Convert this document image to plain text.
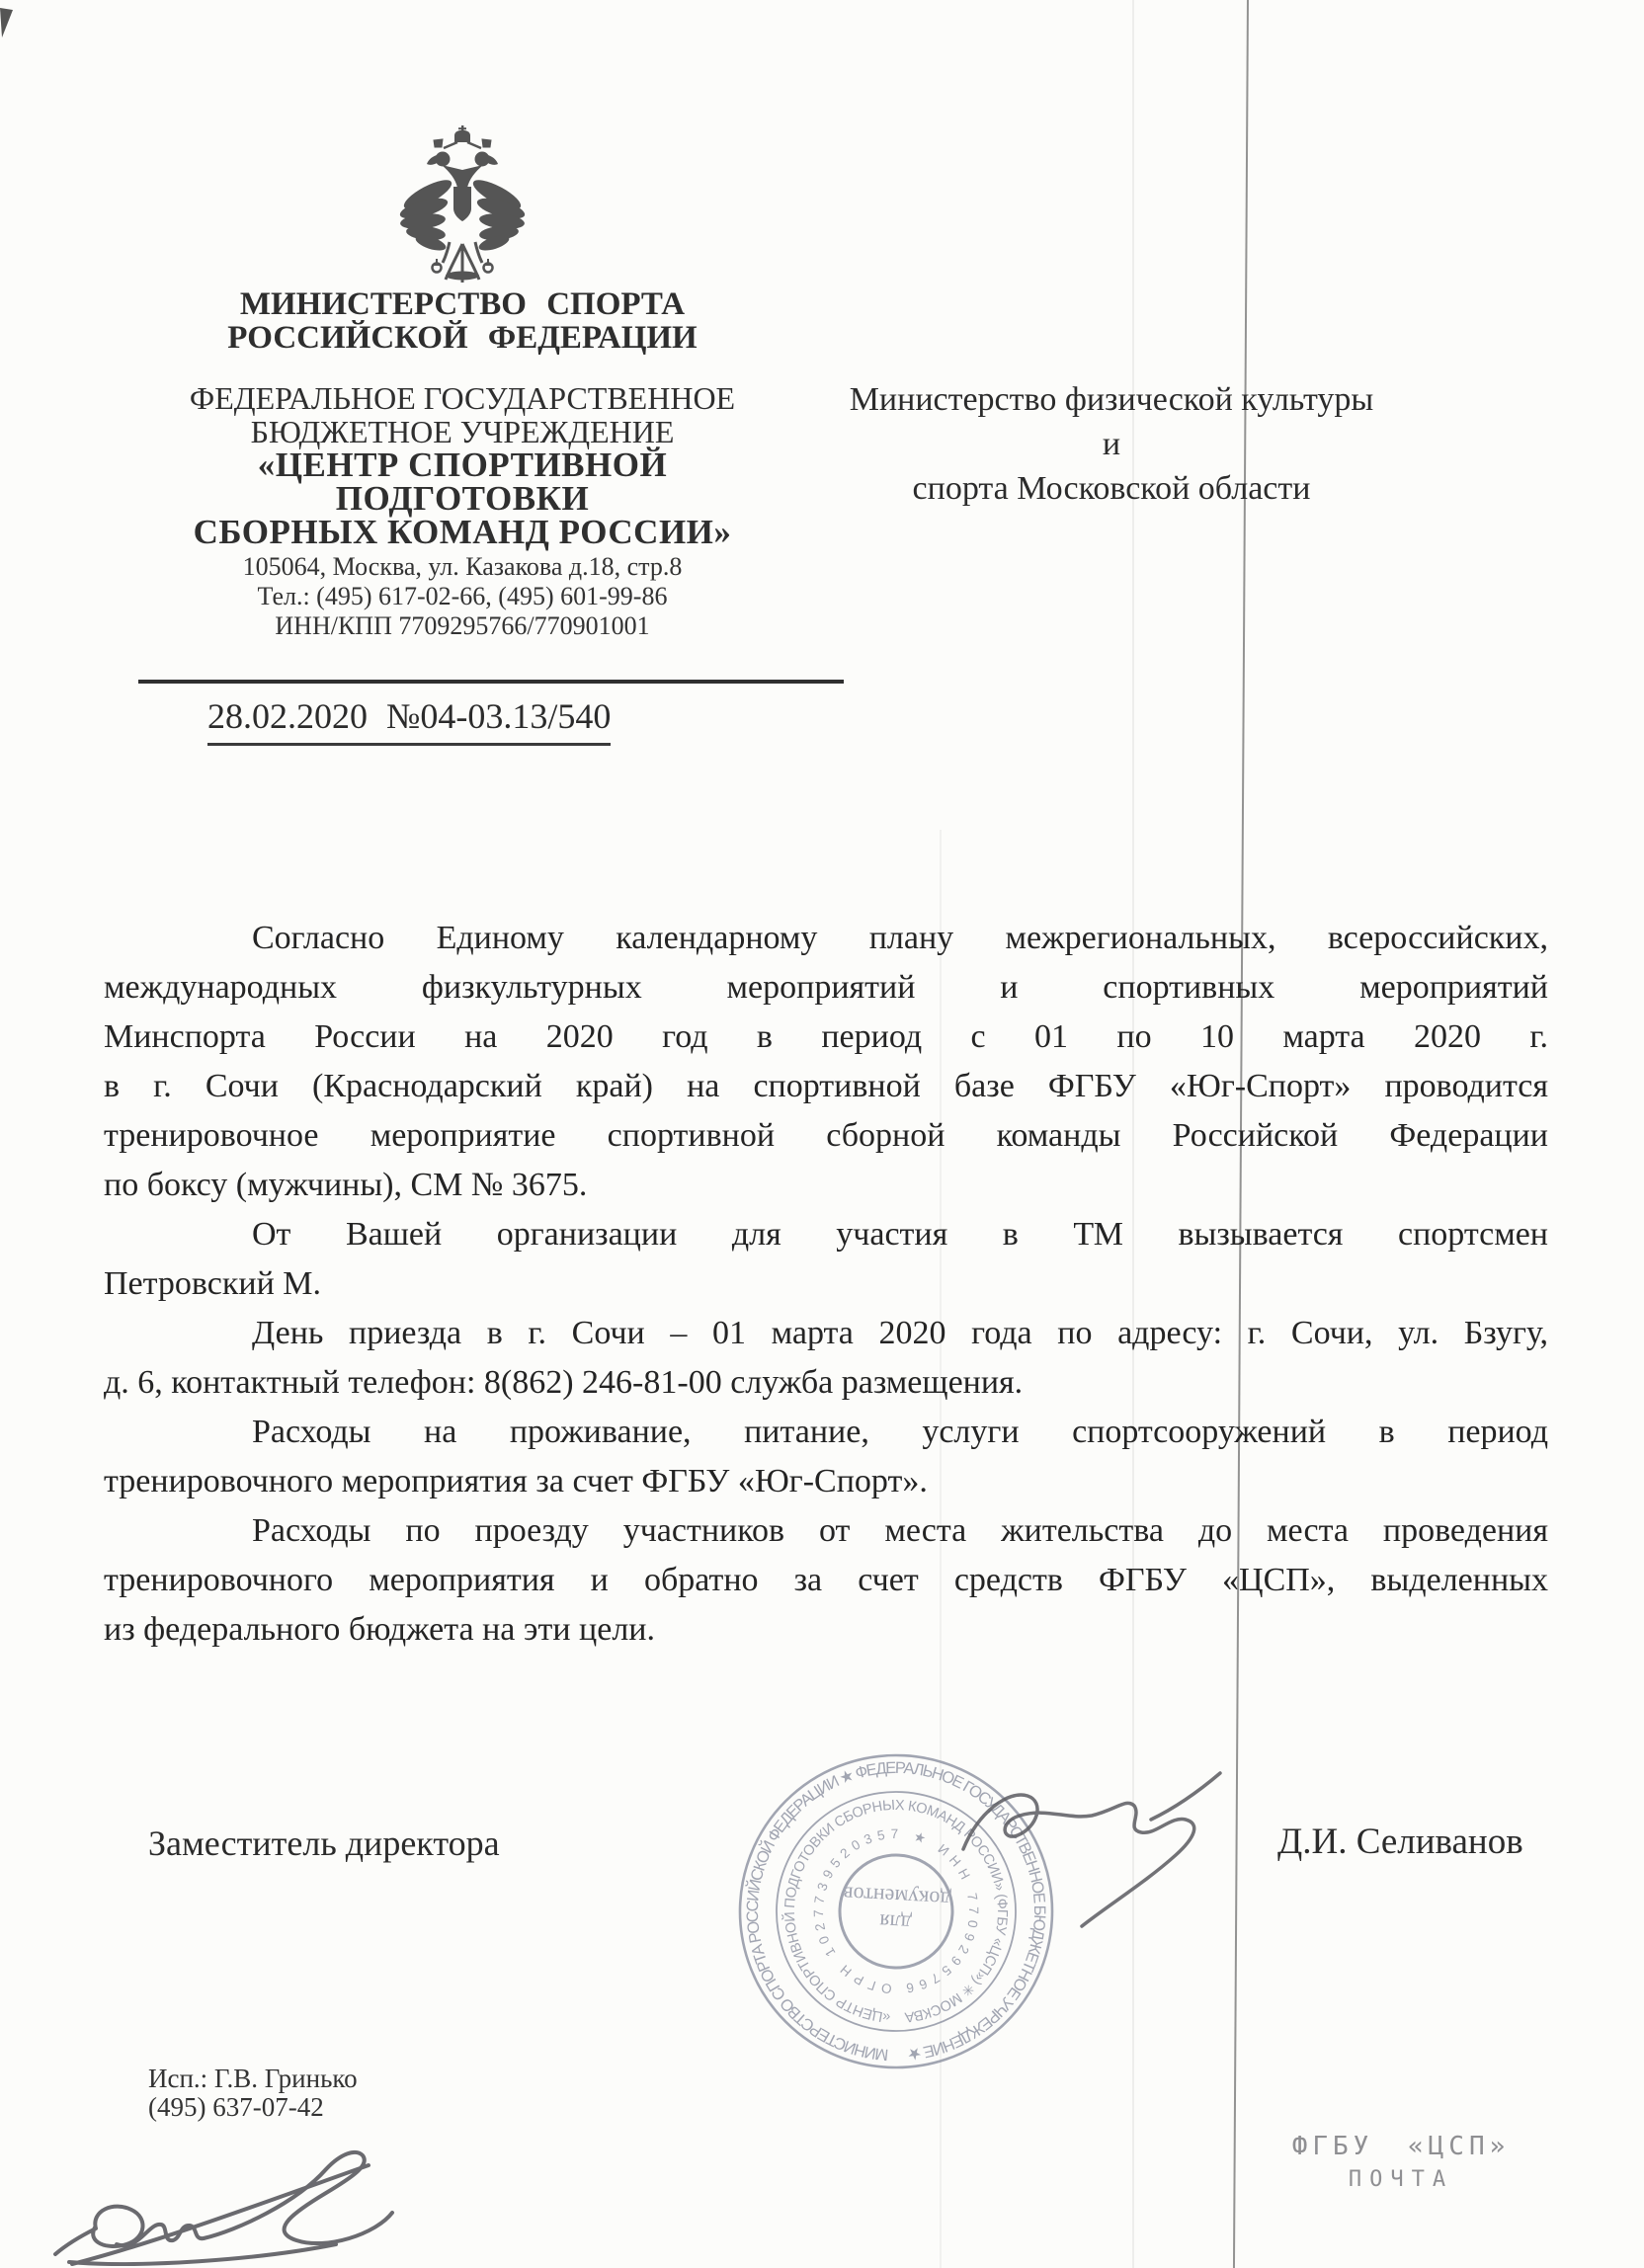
МИНИСТЕРСТВО СПОРТА
РОССИЙСКОЙ ФЕДЕРАЦИИ
ФЕДЕРАЛЬНОЕ ГОСУДАРСТВЕННОЕ
БЮДЖЕТНОЕ УЧРЕЖДЕНИЕ
«ЦЕНТР СПОРТИВНОЙ ПОДГОТОВКИ
СБОРНЫХ КОМАНД РОССИИ»
105064, Москва, ул. Казакова д.18, стр.8
Тел.: (495) 617-02-66, (495) 601-99-86
ИНН/КПП 7709295766/770901001
28.02.2020 №04-03.13/540
Министерство физической культуры и
спорта Московской области
Согласно Единому календарному плану межрегиональных, всероссийских,
международных физкультурных мероприятий и спортивных мероприятий
Минспорта России на 2020 год в период с 01 по 10 марта 2020 г.
в г. Сочи (Краснодарский край) на спортивной базе ФГБУ «Юг-Спорт» проводится
тренировочное мероприятие спортивной сборной команды Российской Федерации
по боксу (мужчины), СМ № 3675.
От Вашей организации для участия в ТМ вызывается спортсмен
Петровский М.
День приезда в г. Сочи – 01 марта 2020 года по адресу: г. Сочи, ул. Бзугу,
д. 6, контактный телефон: 8(862) 246-81-00 служба размещения.
Расходы на проживание, питание, услуги спортсооружений в период
тренировочного мероприятия за счет ФГБУ «Юг-Спорт».
Расходы по проезду участников от места жительства до места проведения
тренировочного мероприятия и обратно за счет средств ФГБУ «ЦСП», выделенных
из федерального бюджета на эти цели.
Заместитель директора	Д.И. Селиванов
МИНИСТЕРСТВО СПОРТА РОССИЙСКОЙ ФЕДЕРАЦИИ ★ ФЕДЕРАЛЬНОЕ ГОСУДАРСТВЕННОЕ БЮДЖЕТНОЕ УЧРЕЖДЕНИЕ ★
«ЦЕНТР СПОРТИВНОЙ ПОДГОТОВКИ СБОРНЫХ КОМАНД РОССИИ» (ФГБУ «ЦСП») ✳ МОСКВА
ОГРН 1027739520357 ★ ИНН 7709295766
для
документов
Исп.: Г.В. Гринько
(495) 637-07-42
ФГБУ «ЦСП»
ПОЧТА
